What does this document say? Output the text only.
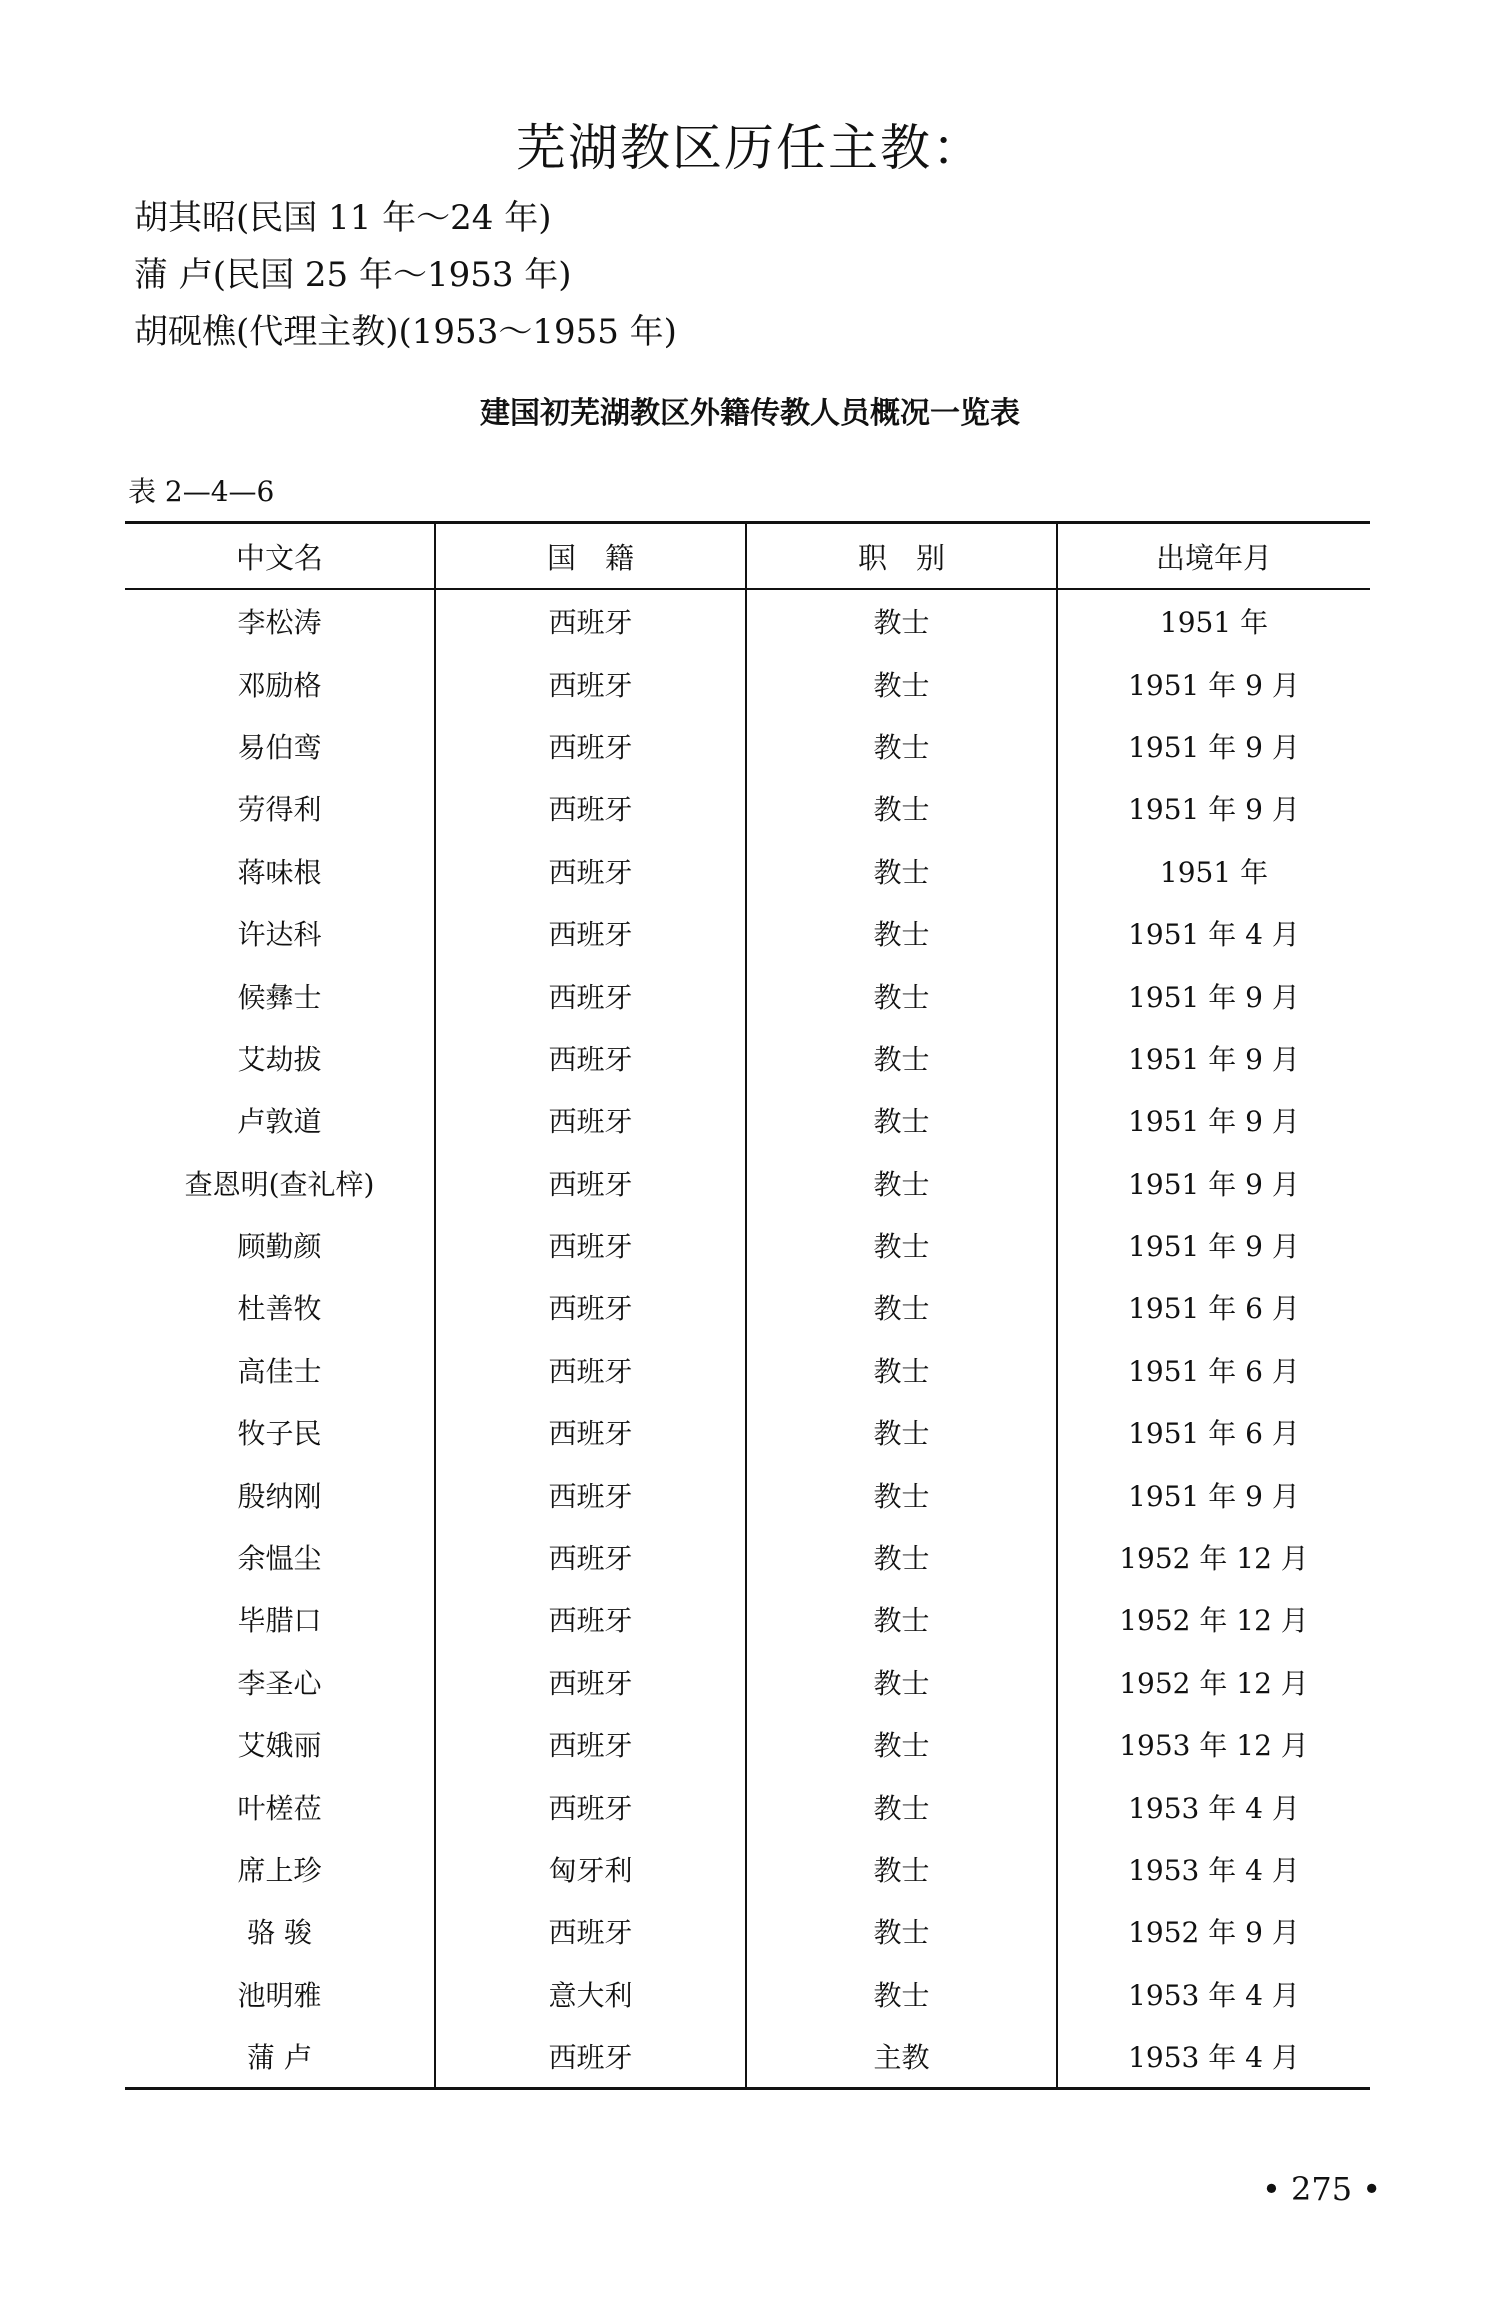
芜湖教区历任主教：
胡其昭(民国 11 年～24 年)
蒲 卢(民国 25 年～1953 年)
胡砚樵(代理主教)(1953～1955 年)
建国初芜湖教区外籍传教人员概况一览表
表 2—4—6
中文名	国　籍	职　别	出境年月
李松涛	西班牙	教士	1951 年
邓励格	西班牙	教士	1951 年 9 月
易伯鸾	西班牙	教士	1951 年 9 月
劳得利	西班牙	教士	1951 年 9 月
蒋味根	西班牙	教士	1951 年
许达科	西班牙	教士	1951 年 4 月
候彝士	西班牙	教士	1951 年 9 月
艾劫拔	西班牙	教士	1951 年 9 月
卢敦道	西班牙	教士	1951 年 9 月
查恩明(查礼梓)	西班牙	教士	1951 年 9 月
顾勤颜	西班牙	教士	1951 年 9 月
杜善牧	西班牙	教士	1951 年 6 月
高佳士	西班牙	教士	1951 年 6 月
牧子民	西班牙	教士	1951 年 6 月
殷纳刚	西班牙	教士	1951 年 9 月
余愠尘	西班牙	教士	1952 年 12 月
毕腊口	西班牙	教士	1952 年 12 月
李圣心	西班牙	教士	1952 年 12 月
艾娥丽	西班牙	教士	1953 年 12 月
叶槎莅	西班牙	教士	1953 年 4 月
席上珍	匈牙利	教士	1953 年 4 月
骆 骏	西班牙	教士	1952 年 9 月
池明雅	意大利	教士	1953 年 4 月
蒲 卢	西班牙	主教	1953 年 4 月
• 275 •
